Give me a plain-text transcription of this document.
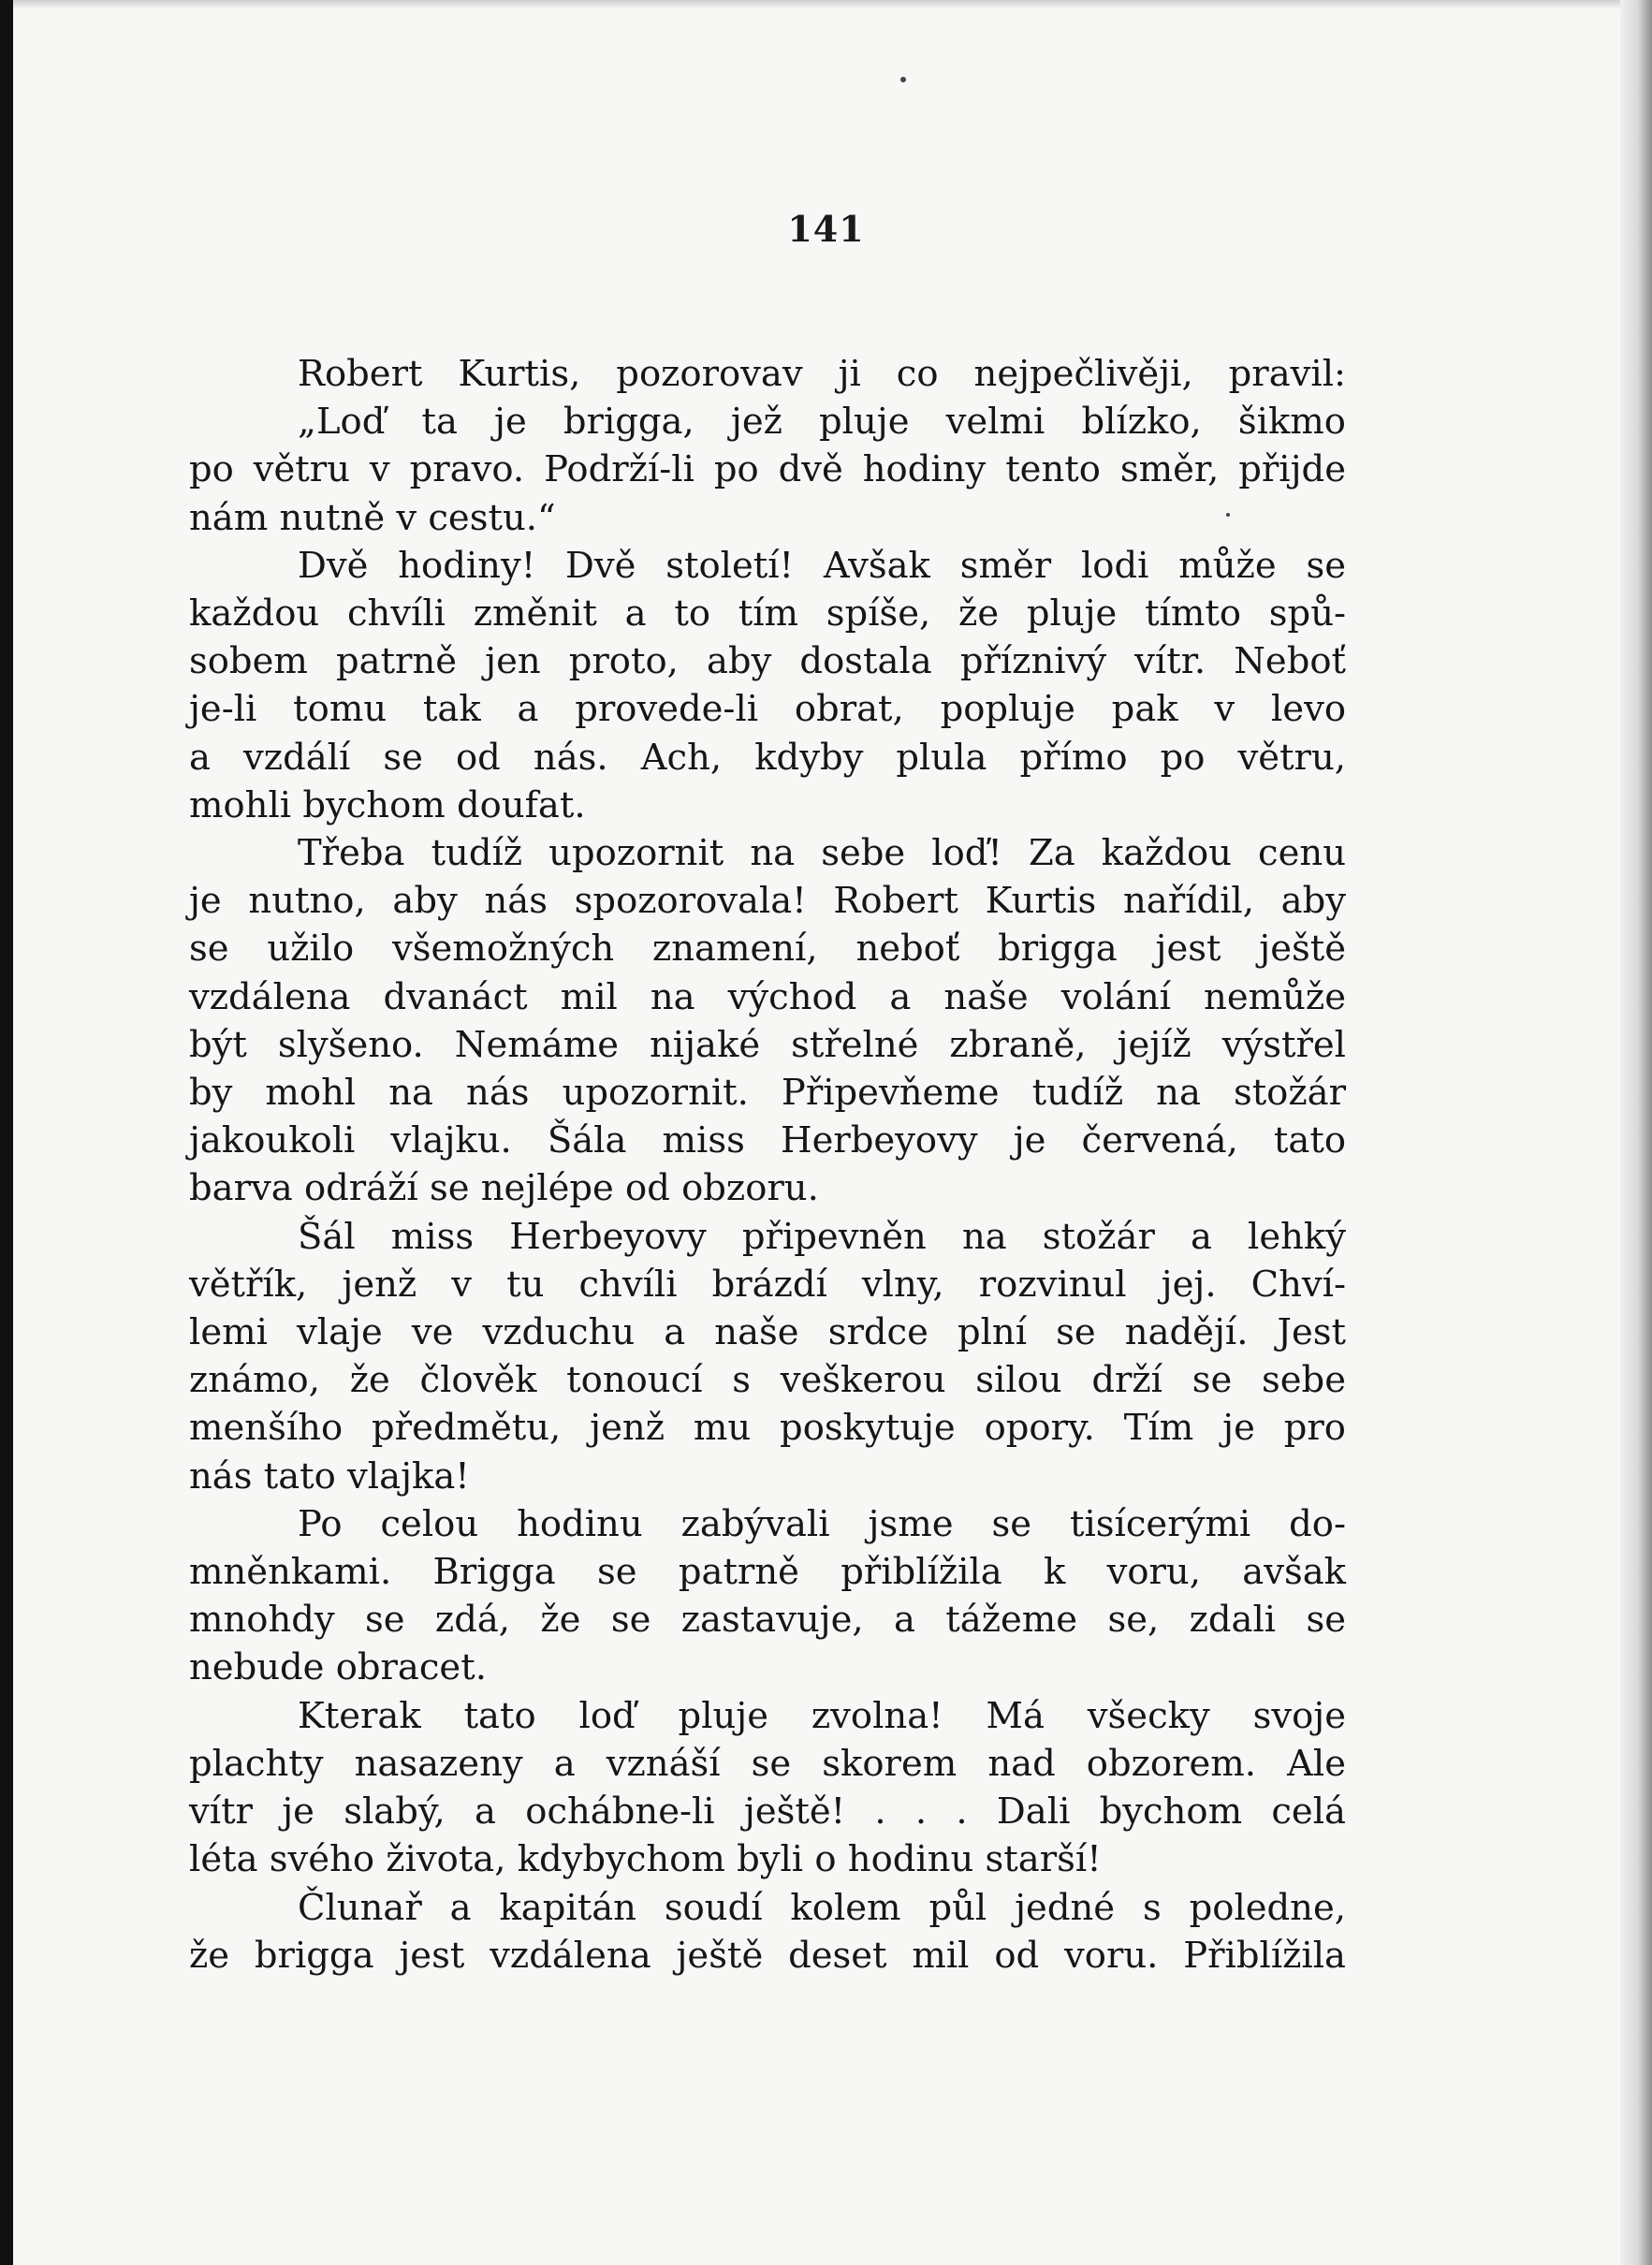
141
Robert Kurtis, pozorovav ji co nejpečlivěji, pravil:
„Loď ta je brigga, jež pluje velmi blízko, šikmo
po větru v pravo. Podrží-li po dvě hodiny tento směr, přijde
nám nutně v cestu.“
Dvě hodiny! Dvě století! Avšak směr lodi může se
každou chvíli změnit a to tím spíše, že pluje tímto spů-
sobem patrně jen proto, aby dostala příznivý vítr. Neboť
je-li tomu tak a provede-li obrat, popluje pak v levo
a vzdálí se od nás. Ach, kdyby plula přímo po větru,
mohli bychom doufat.
Třeba tudíž upozornit na sebe loď! Za každou cenu
je nutno, aby nás spozorovala! Robert Kurtis nařídil, aby
se užilo všemožných znamení, neboť brigga jest ještě
vzdálena dvanáct mil na východ a naše volání nemůže
být slyšeno. Nemáme nijaké střelné zbraně, jejíž výstřel
by mohl na nás upozornit. Připevňeme tudíž na stožár
jakoukoli vlajku. Šála miss Herbeyovy je červená, tato
barva odráží se nejlépe od obzoru.
Šál miss Herbeyovy připevněn na stožár a lehký
větřík, jenž v tu chvíli brázdí vlny, rozvinul jej. Chví-
lemi vlaje ve vzduchu a naše srdce plní se nadějí. Jest
známo, že člověk tonoucí s veškerou silou drží se sebe
menšího předmětu, jenž mu poskytuje opory. Tím je pro
nás tato vlajka!
Po celou hodinu zabývali jsme se tisícerými do-
mněnkami. Brigga se patrně přiblížila k voru, avšak
mnohdy se zdá, že se zastavuje, a tážeme se, zdali se
nebude obracet.
Kterak tato loď pluje zvolna! Má všecky svoje
plachty nasazeny a vznáší se skorem nad obzorem. Ale
vítr je slabý, a ochábne-li ještě! . . . Dali bychom celá
léta svého života, kdybychom byli o hodinu starší!
Člunař a kapitán soudí kolem půl jedné s poledne,
že brigga jest vzdálena ještě deset mil od voru. Přiblížila
